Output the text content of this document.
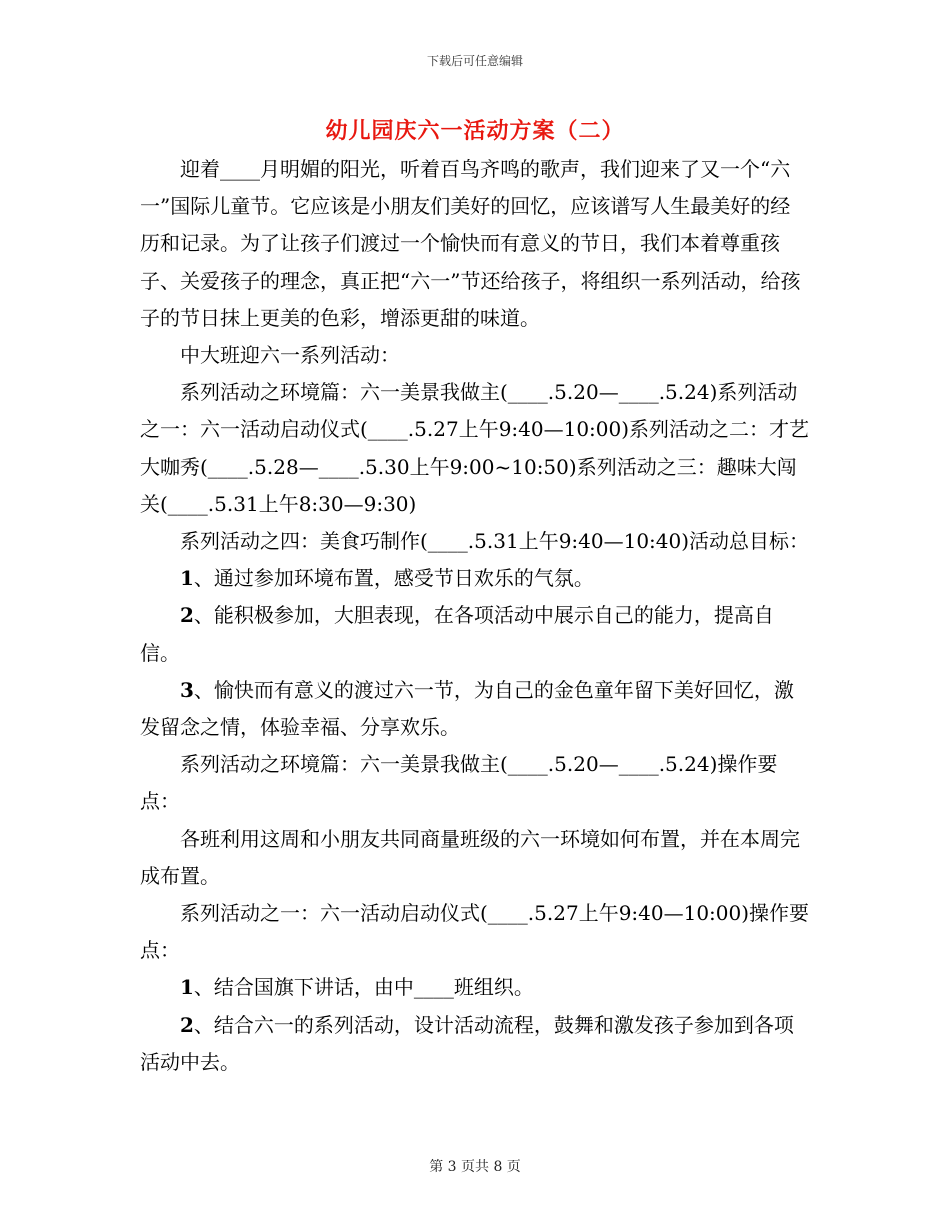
下载后可任意编辑
幼儿园庆六一活动方案（二）

迎着____月明媚的阳光，听着百鸟齐鸣的歌声，我们迎来了又一个“六一”国际儿童节。它应该是小朋友们美好的回忆，应该谱写人生最美好的经历和记录。为了让孩子们渡过一个愉快而有意义的节日，我们本着尊重孩子、关爱孩子的理念，真正把“六一”节还给孩子，将组织一系列活动，给孩子的节日抹上更美的色彩，增添更甜的味道。

中大班迎六一系列活动：

系列活动之环境篇：六一美景我做主(____.5.20—____.5.24)系列活动之一：六一活动启动仪式(____.5.27上午9:40—10:00)系列活动之二：才艺大咖秀(____.5.28—____.5.30上午9:00~10:50)系列活动之三：趣味大闯关(____.5.31上午8:30—9:30)

系列活动之四：美食巧制作(____.5.31上午9:40—10:40)活动总目标：

1、通过参加环境布置，感受节日欢乐的气氛。

2、能积极参加，大胆表现，在各项活动中展示自己的能力，提高自信。

3、愉快而有意义的渡过六一节，为自己的金色童年留下美好回忆，激发留念之情，体验幸福、分享欢乐。

系列活动之环境篇：六一美景我做主(____.5.20—____.5.24)操作要点：

各班利用这周和小朋友共同商量班级的六一环境如何布置，并在本周完成布置。

系列活动之一：六一活动启动仪式(____.5.27上午9:40—10:00)操作要点：

1、结合国旗下讲话，由中____班组织。

2、结合六一的系列活动，设计活动流程，鼓舞和激发孩子参加到各项活动中去。

第 3 页共 8 页
